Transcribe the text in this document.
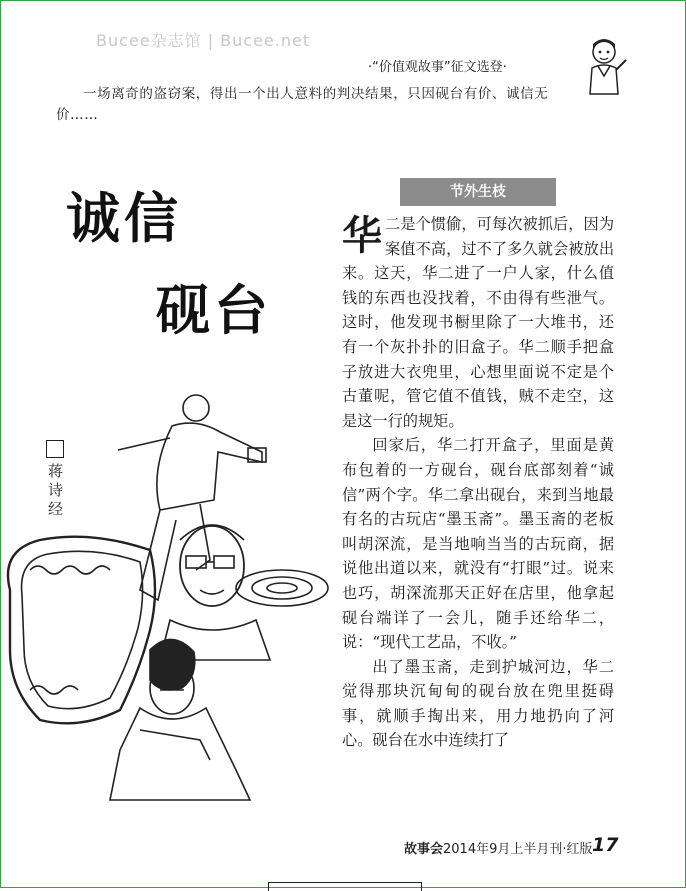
Bucee杂志馆 | Bucee.net
·“价值观故事”征文选登·
一场离奇的盗窃案，得出一个出人意料的判决结果，只因砚台有价、诚信无价……
诚信
砚台
节外生枝
蒋诗经

华二是个惯偷，可每次被抓后，因为案值不高，过不了多久就会被放出来。这天，华二进了一户人家，什么值钱的东西也没找着，不由得有些泄气。这时，他发现书橱里除了一大堆书，还有一个灰扑扑的旧盒子。华二顺手把盒子放进大衣兜里，心想里面说不定是个古董呢，管它值不值钱，贼不走空，这是这一行的规矩。

回家后，华二打开盒子，里面是黄布包着的一方砚台，砚台底部刻着“诚信”两个字。华二拿出砚台，来到当地最有名的古玩店“墨玉斋”。墨玉斋的老板叫胡深流，是当地响当当的古玩商，据说他出道以来，就没有“打眼”过。说来也巧，胡深流那天正好在店里，他拿起砚台端详了一会儿，随手还给华二，说：“现代工艺品，不收。”

出了墨玉斋，走到护城河边，华二觉得那块沉甸甸的砚台放在兜里挺碍事，就顺手掏出来，用力地扔向了河心。砚台在水中连续打了

故事会2014年9月上半月刊·红版 17
